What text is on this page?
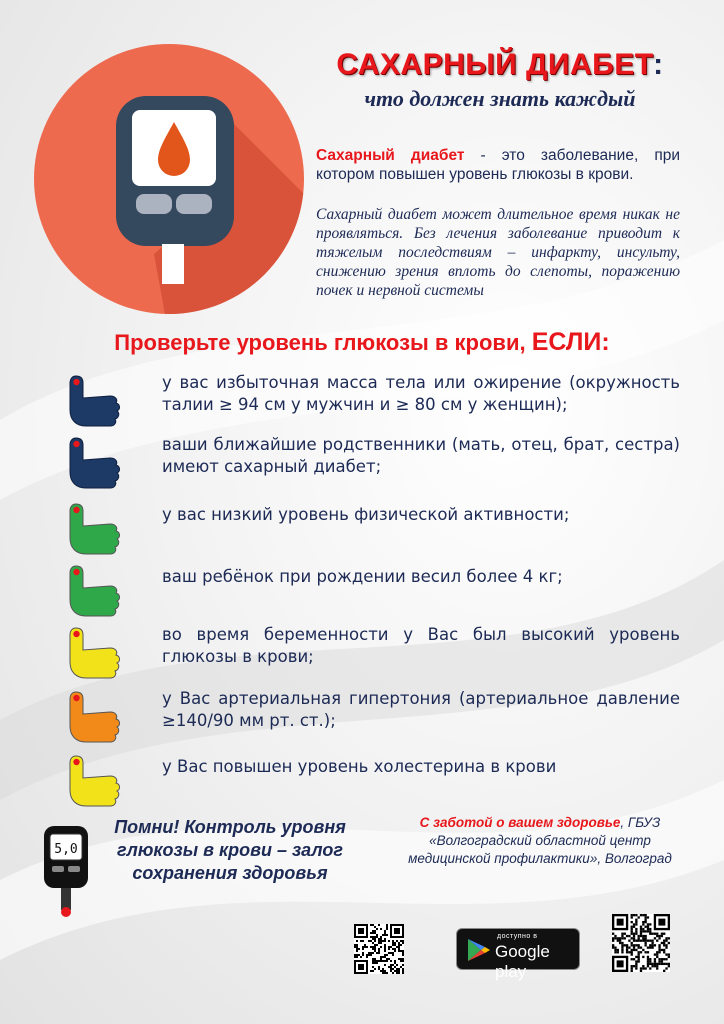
САХАРНЫЙ ДИАБЕТ:
что должен знать каждый
Сахарный диабет - это заболевание, при котором повышен уровень глюкозы в крови.

Сахарный диабет может длительное время никак не проявляться. Без лечения заболевание приводит к тяжелым последствиям – инфаркту, инсульту, снижению зрения вплоть до слепоты, поражению почек и нервной системы

Проверьте уровень глюкозы в крови, ЕСЛИ:
у вас избыточная масса тела или ожирение (окружность талии ≥ 94 см у мужчин и ≥ 80 см у женщин);
ваши ближайшие родственники (мать, отец, брат, сестра) имеют сахарный диабет;
у вас низкий уровень физической активности;
ваш ребёнок при рождении весил более 4 кг;
во время беременности у Вас был высокий уровень глюкозы в крови;
у Вас артериальная гипертония (артериальное давление ≥140/90 мм рт. ст.);
у Вас повышен уровень холестерина в крови
5,0
Помни! Контроль уровня глюкозы в крови – залог сохранения здоровья
С заботой о вашем здоровье, ГБУЗ «Волгоградский областной центр медицинской профилактики», Волгоград
доступно в
Google play
